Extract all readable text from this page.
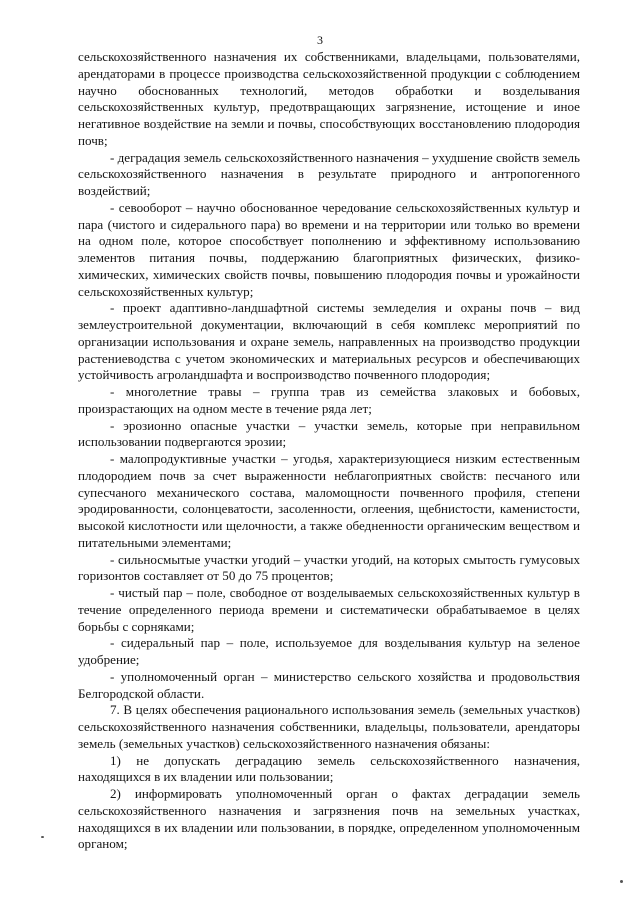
3

сельскохозяйственного назначения их собственниками, владельцами, пользователями, арендаторами в процессе производства сельскохозяйственной продукции с соблюдением научно обоснованных технологий, методов обработки и возделывания сельскохозяйственных культур, предотвращающих загрязнение, истощение и иное негативное воздействие на земли и почвы, способствующих восстановлению плодородия почв;

- деградация земель сельскохозяйственного назначения – ухудшение свойств земель сельскохозяйственного назначения в результате природного и антропогенного воздействий;

- севооборот – научно обоснованное чередование сельскохозяйственных культур и пара (чистого и сидерального пара) во времени и на территории или только во времени на одном поле, которое способствует пополнению и эффективному использованию элементов питания почвы, поддержанию благоприятных физических, физико-химических, химических свойств почвы, повышению плодородия почвы и урожайности сельскохозяйственных культур;

- проект адаптивно-ландшафтной системы земледелия и охраны почв – вид землеустроительной документации, включающий в себя комплекс мероприятий по организации использования и охране земель, направленных на производство продукции растениеводства с учетом экономических и материальных ресурсов и обеспечивающих устойчивость агроландшафта и воспроизводство почвенного плодородия;

- многолетние травы – группа трав из семейства злаковых и бобовых, произрастающих на одном месте в течение ряда лет;

- эрозионно опасные участки – участки земель, которые при неправильном использовании подвергаются эрозии;

- малопродуктивные участки – угодья, характеризующиеся низким естественным плодородием почв за счет выраженности неблагоприятных свойств: песчаного или супесчаного механического состава, маломощности почвенного профиля, степени эродированности, солонцеватости, засоленности, оглеения, щебнистости, каменистости, высокой кислотности или щелочности, а также обедненности органическим веществом и питательными элементами;

- сильносмытые участки угодий – участки угодий, на которых смытость гумусовых горизонтов составляет от 50 до 75 процентов;

- чистый пар – поле, свободное от возделываемых сельскохозяйственных культур в течение определенного периода времени и систематически обрабатываемое в целях борьбы с сорняками;

- сидеральный пар – поле, используемое для возделывания культур на зеленое удобрение;

- уполномоченный орган – министерство сельского хозяйства и продовольствия Белгородской области.

7. В целях обеспечения рационального использования земель (земельных участков) сельскохозяйственного назначения собственники, владельцы, пользователи, арендаторы земель (земельных участков) сельскохозяйственного назначения обязаны:

1) не допускать деградацию земель сельскохозяйственного назначения, находящихся в их владении или пользовании;

2) информировать уполномоченный орган о фактах деградации земель сельскохозяйственного назначения и загрязнения почв на земельных участках, находящихся в их владении или пользовании, в порядке, определенном уполномоченным органом;
